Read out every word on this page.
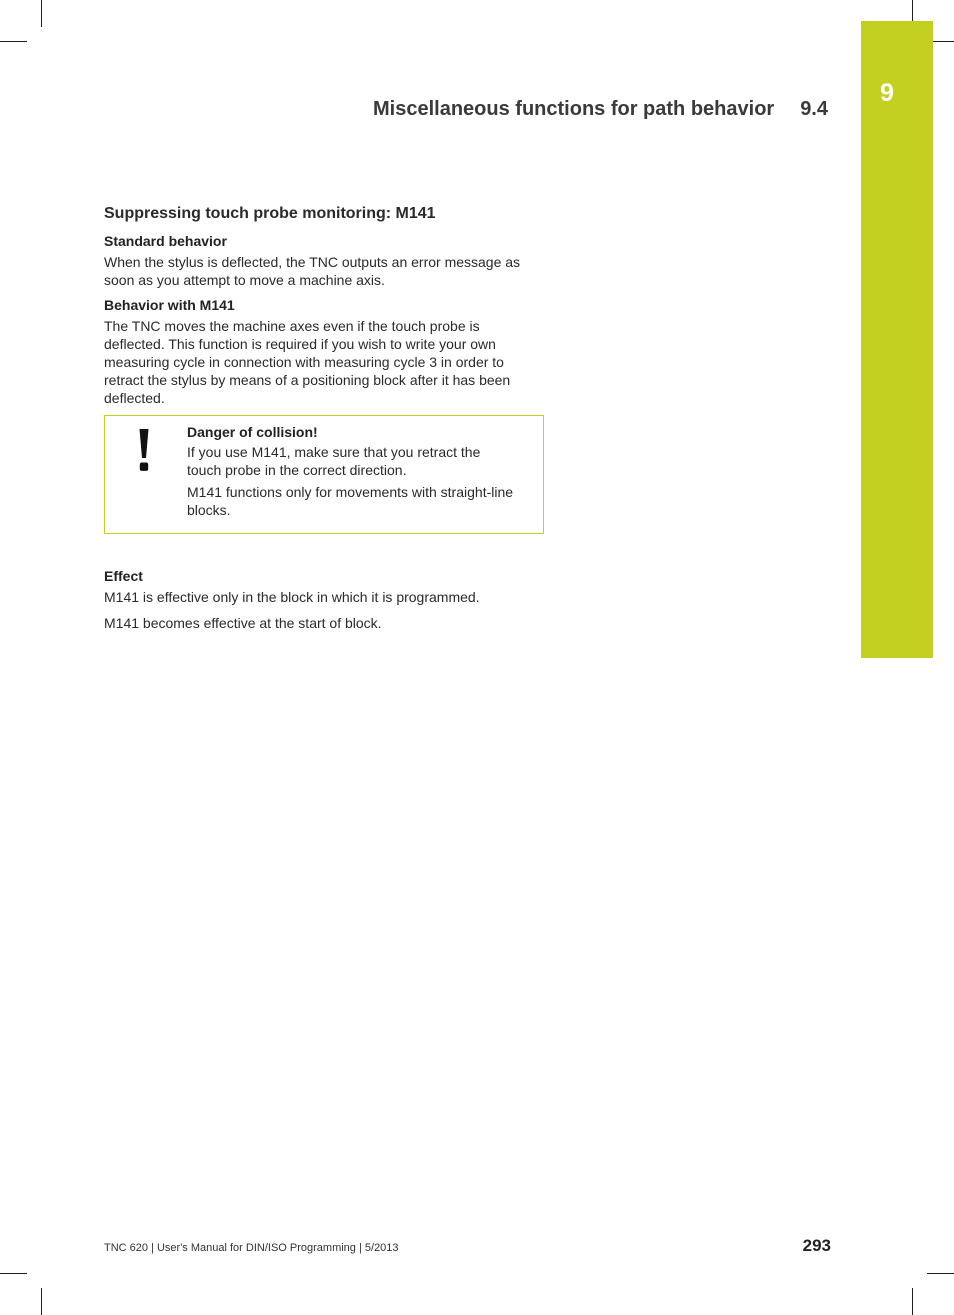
9
Miscellaneous functions for path behavior 9.4
Suppressing touch probe monitoring: M141
Standard behavior

When the stylus is deflected, the TNC outputs an error message as soon as you attempt to move a machine axis.

Behavior with M141

The TNC moves the machine axes even if the touch probe is deflected. This function is required if you wish to write your own measuring cycle in connection with measuring cycle 3 in order to retract the stylus by means of a positioning block after it has been deflected.

Danger of collision!

If you use M141, make sure that you retract the touch probe in the correct direction.

M141 functions only for movements with straight-line blocks.

Effect

M141 is effective only in the block in which it is programmed.

M141 becomes effective at the start of block.

TNC 620 | User's Manual for DIN/ISO Programming | 5/2013	293
